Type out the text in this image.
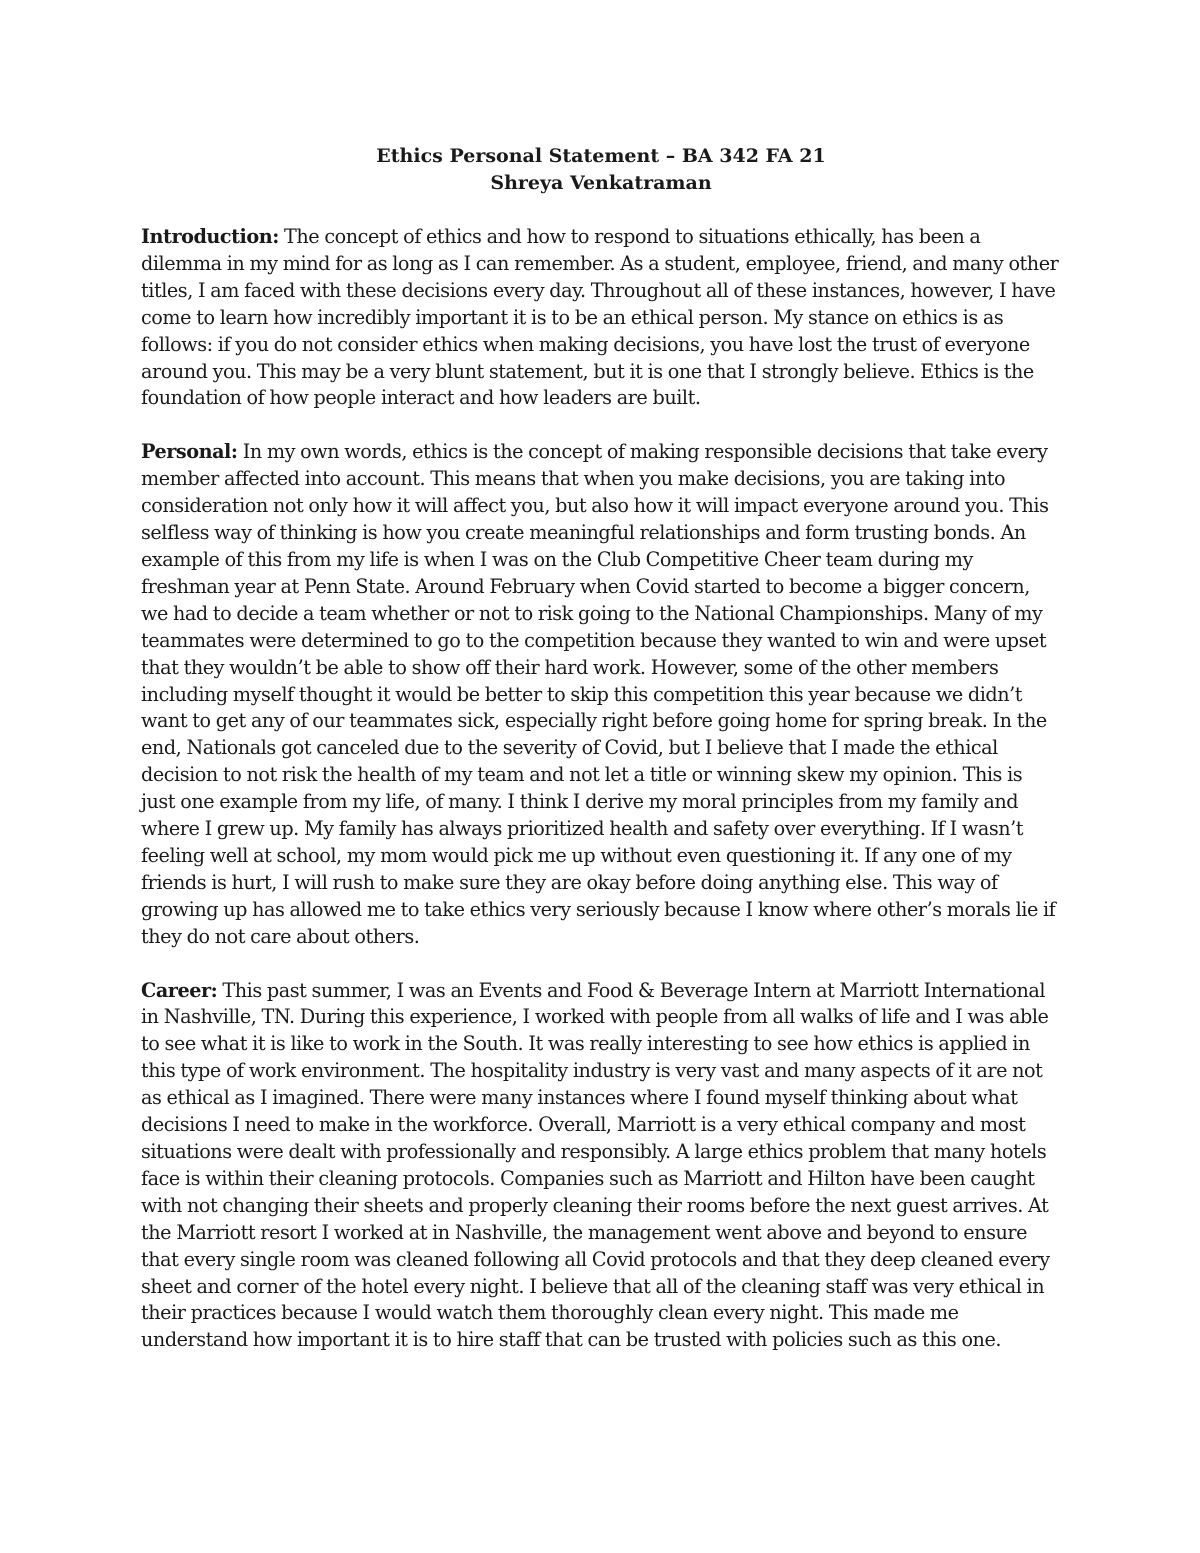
Ethics Personal Statement – BA 342 FA 21
Shreya Venkatraman

Introduction: The concept of ethics and how to respond to situations ethically, has been a dilemma in my mind for as long as I can remember. As a student, employee, friend, and many other titles, I am faced with these decisions every day. Throughout all of these instances, however, I have come to learn how incredibly important it is to be an ethical person. My stance on ethics is as follows: if you do not consider ethics when making decisions, you have lost the trust of everyone around you. This may be a very blunt statement, but it is one that I strongly believe. Ethics is the foundation of how people interact and how leaders are built.

Personal: In my own words, ethics is the concept of making responsible decisions that take every member affected into account. This means that when you make decisions, you are taking into consideration not only how it will affect you, but also how it will impact everyone around you. This selfless way of thinking is how you create meaningful relationships and form trusting bonds. An example of this from my life is when I was on the Club Competitive Cheer team during my freshman year at Penn State. Around February when Covid started to become a bigger concern, we had to decide a team whether or not to risk going to the National Championships. Many of my teammates were determined to go to the competition because they wanted to win and were upset that they wouldn’t be able to show off their hard work. However, some of the other members including myself thought it would be better to skip this competition this year because we didn’t want to get any of our teammates sick, especially right before going home for spring break. In the end, Nationals got canceled due to the severity of Covid, but I believe that I made the ethical decision to not risk the health of my team and not let a title or winning skew my opinion. This is just one example from my life, of many. I think I derive my moral principles from my family and where I grew up. My family has always prioritized health and safety over everything. If I wasn’t feeling well at school, my mom would pick me up without even questioning it. If any one of my friends is hurt, I will rush to make sure they are okay before doing anything else. This way of growing up has allowed me to take ethics very seriously because I know where other’s morals lie if they do not care about others.

Career: This past summer, I was an Events and Food & Beverage Intern at Marriott International in Nashville, TN. During this experience, I worked with people from all walks of life and I was able to see what it is like to work in the South. It was really interesting to see how ethics is applied in this type of work environment. The hospitality industry is very vast and many aspects of it are not as ethical as I imagined. There were many instances where I found myself thinking about what decisions I need to make in the workforce. Overall, Marriott is a very ethical company and most situations were dealt with professionally and responsibly. A large ethics problem that many hotels face is within their cleaning protocols. Companies such as Marriott and Hilton have been caught with not changing their sheets and properly cleaning their rooms before the next guest arrives. At the Marriott resort I worked at in Nashville, the management went above and beyond to ensure that every single room was cleaned following all Covid protocols and that they deep cleaned every sheet and corner of the hotel every night. I believe that all of the cleaning staff was very ethical in their practices because I would watch them thoroughly clean every night. This made me understand how important it is to hire staff that can be trusted with policies such as this one.
